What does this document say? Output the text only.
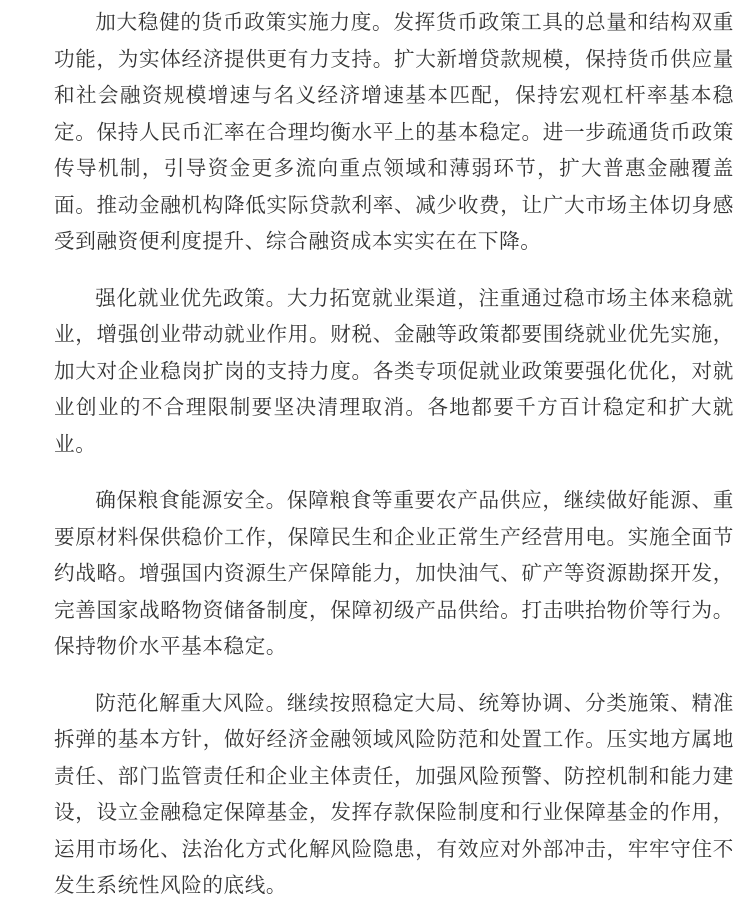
加大稳健的货币政策实施力度。发挥货币政策工具的总量和结构双重功能，为实体经济提供更有力支持。扩大新增贷款规模，保持货币供应量和社会融资规模增速与名义经济增速基本匹配，保持宏观杠杆率基本稳定。保持人民币汇率在合理均衡水平上的基本稳定。进一步疏通货币政策传导机制，引导资金更多流向重点领域和薄弱环节，扩大普惠金融覆盖面。推动金融机构降低实际贷款利率、减少收费，让广大市场主体切身感受到融资便利度提升、综合融资成本实实在在下降。

强化就业优先政策。大力拓宽就业渠道，注重通过稳市场主体来稳就业，增强创业带动就业作用。财税、金融等政策都要围绕就业优先实施，加大对企业稳岗扩岗的支持力度。各类专项促就业政策要强化优化，对就业创业的不合理限制要坚决清理取消。各地都要千方百计稳定和扩大就业。

确保粮食能源安全。保障粮食等重要农产品供应，继续做好能源、重要原材料保供稳价工作，保障民生和企业正常生产经营用电。实施全面节约战略。增强国内资源生产保障能力，加快油气、矿产等资源勘探开发，完善国家战略物资储备制度，保障初级产品供给。打击哄抬物价等行为。保持物价水平基本稳定。

防范化解重大风险。继续按照稳定大局、统筹协调、分类施策、精准拆弹的基本方针，做好经济金融领域风险防范和处置工作。压实地方属地责任、部门监管责任和企业主体责任，加强风险预警、防控机制和能力建设，设立金融稳定保障基金，发挥存款保险制度和行业保障基金的作用，运用市场化、法治化方式化解风险隐患，有效应对外部冲击，牢牢守住不发生系统性风险的底线。
